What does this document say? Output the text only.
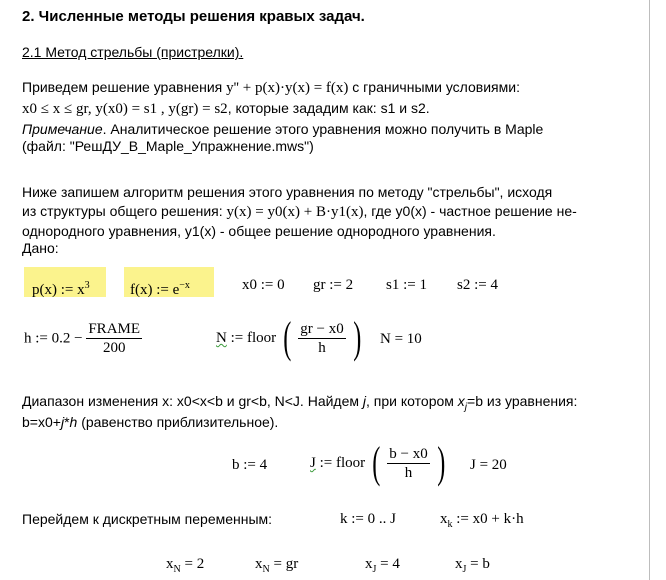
2. Численные методы решения кравых задач.
2.1 Метод стрельбы (пристрелки).
Приведем решение уравнения y'' + p(x)·y(x) = f(x) с граничными условиями:
x0 ≤ x ≤ gr, y(x0) = s1 , y(gr) = s2, которые зададим как: s1 и s2.
Примечание. Аналитическое решение этого уравнения можно получить в Maple
(файл: "РешДУ_В_Maple_Упражнение.mws")
Ниже запишем алгоритм решения этого уравнения по методу "стрельбы", исходя
из структуры общего решения: y(x) = y0(x) + B·y1(x), где y0(x) - частное решение не-
однородного уравнения, y1(x) - общее решение однородного уравнения.
Дано:
p(x) := $x^3$	f(x) := $e^{-x}$	x0 := 0 gr := 2 s1 := 1 s2 := 4
h := $0.2 - \frac{\text{FRAME}}{200}$	N := floor ( $\frac{gr - x0}{h}$ ) N = 10
Диапазон изменения x: x0<x<b и gr<b, N<J. Найдем j, при котором $x_j=b$ из уравнения:
b=x0+j*h (равенство приблизительное).
b := 4	J := floor ( $\frac{b - x0}{h}$ ) J = 20
Перейдем к дискретным переменным:	k := 0 .. J	$x_k$ := x0 + k·h
$x_N = 2$	$x_N$ = gr	$x_J = 4$	$x_J = b$
